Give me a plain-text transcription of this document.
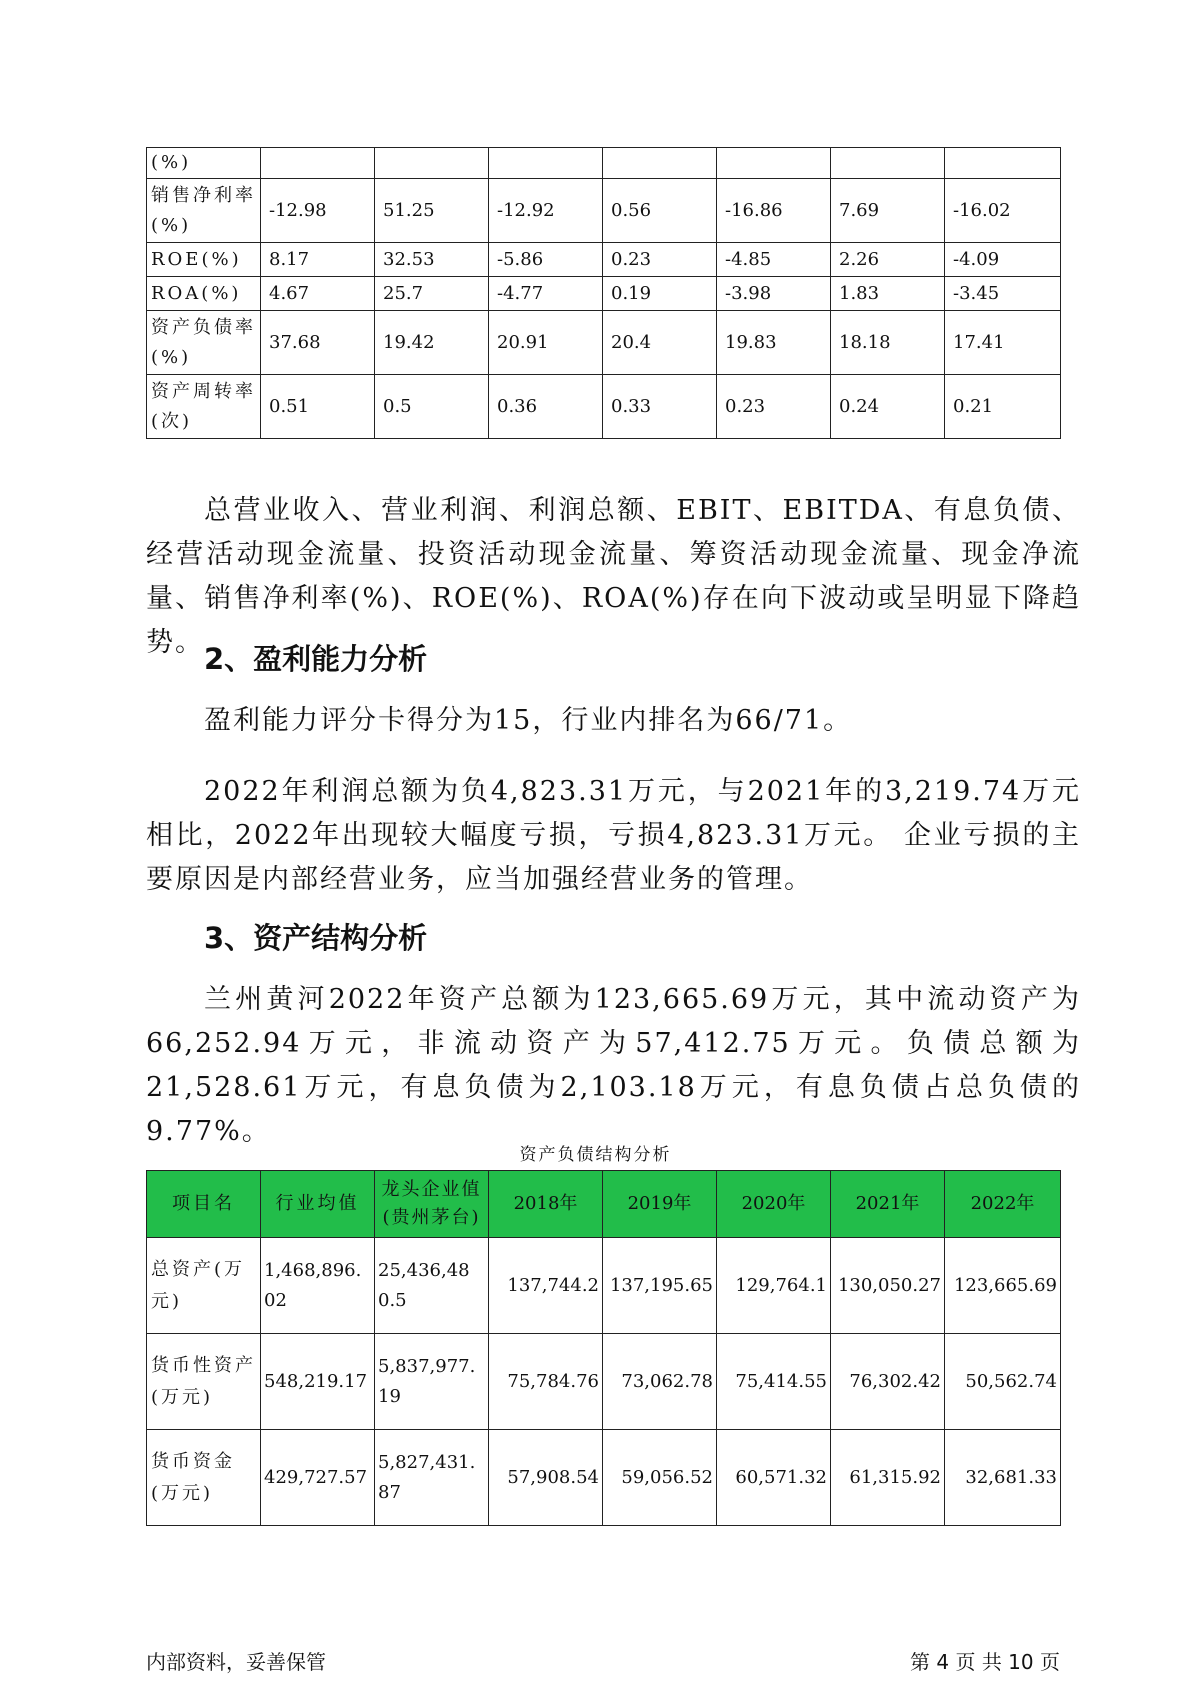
(%)							
销售净利率(%)	-12.98	51.25	-12.92	0.56	-16.86	7.69	-16.02
ROE(%)	8.17	32.53	-5.86	0.23	-4.85	2.26	-4.09
ROA(%)	4.67	25.7	-4.77	0.19	-3.98	1.83	-3.45
资产负债率(%)	37.68	19.42	20.91	20.4	19.83	18.18	17.41
资产周转率(次)	0.51	0.5	0.36	0.33	0.23	0.24	0.21
总营业收入、营业利润、利润总额、EBIT、EBITDA、有息负债、经营活动现金流量、投资活动现金流量、筹资活动现金流量、现金净流量、销售净利率(%)、ROE(%)、ROA(%)存在向下波动或呈明显下降趋势。 2、盈利能力分析
盈利能力评分卡得分为15，行业内排名为66/71。
2022年利润总额为负4,823.31万元，与2021年的3,219.74万元相比，2022年出现较大幅度亏损，亏损4,823.31万元。 企业亏损的主要原因是内部经营业务，应当加强经营业务的管理。
3、资产结构分析
兰州黄河2022年资产总额为123,665.69万元，其中流动资产为66,252.94万元，非流动资产为57,412.75万元。负债总额为21,528.61万元，有息负债为2,103.18万元，有息负债占总负债的9.77%。
资产负债结构分析
项目名	行业均值	龙头企业值(贵州茅台)	2018年	2019年	2020年	2021年	2022年
总资产(万元)	1,468,896.02	25,436,480.5	137,744.2	137,195.65	129,764.1	130,050.27	123,665.69
货币性资产(万元)	548,219.17	5,837,977.19	75,784.76	73,062.78	75,414.55	76,302.42	50,562.74
货币资金(万元)	429,727.57	5,827,431.87	57,908.54	59,056.52	60,571.32	61,315.92	32,681.33
内部资料，妥善保管	第 4 页 共 10 页
